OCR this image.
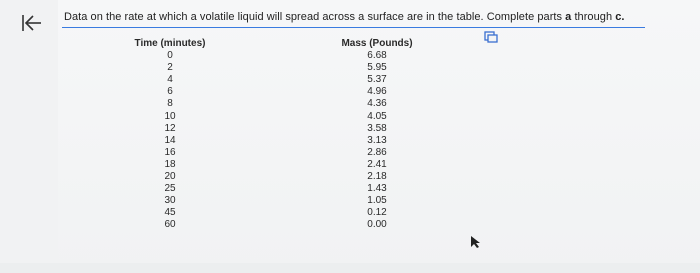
Data on the rate at which a volatile liquid will spread across a surface are in the table. Complete parts a through c.
Time (minutes)
0
2
4
6
8
10
12
14
16
18
20
25
30
45
60
Mass (Pounds)
6.68
5.95
5.37
4.96
4.36
4.05
3.58
3.13
2.86
2.41
2.18
1.43
1.05
0.12
0.00
